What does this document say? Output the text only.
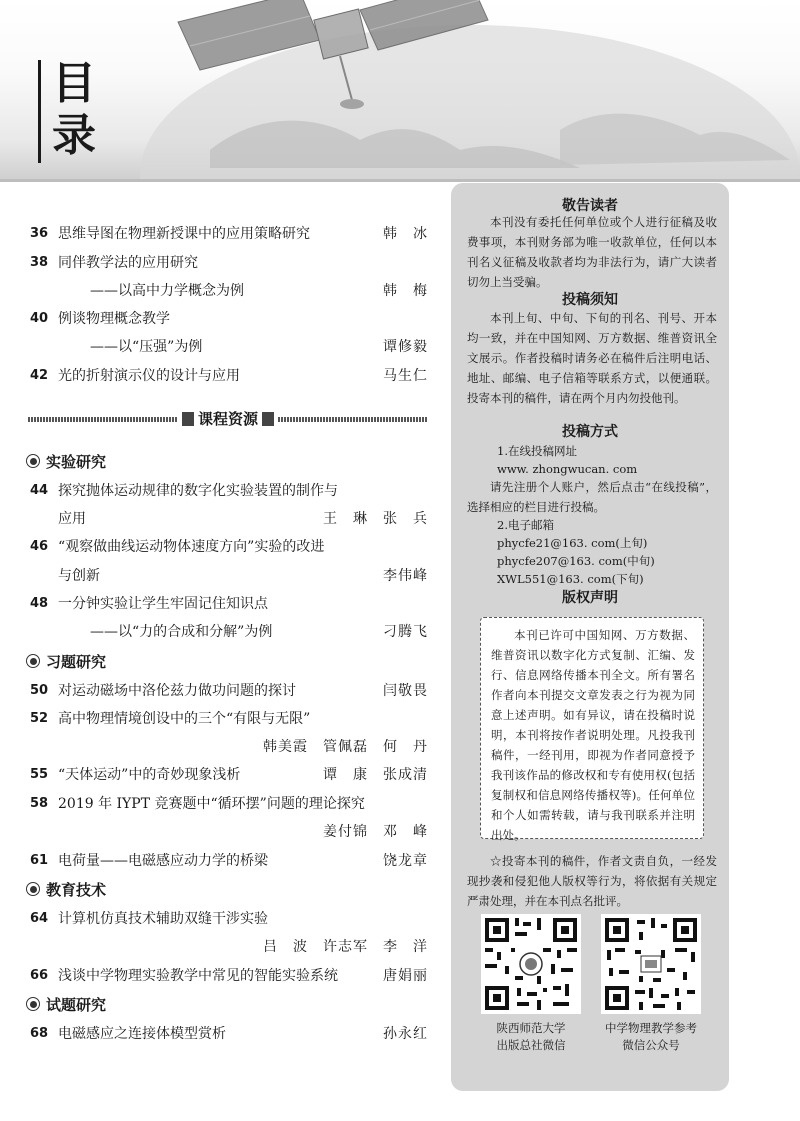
目
录
36 思维导图在物理新授课中的应用策略研究	韩　冰
38 同伴教学法的应用研究
——以高中力学概念为例	韩　梅
40 例谈物理概念教学
——以“压强”为例	谭修毅
42 光的折射演示仪的设计与应用	马生仁
课程资源
实验研究
44 探究抛体运动规律的数字化实验装置的制作与
应用	王　琳　张　兵
46 “观察做曲线运动物体速度方向”实验的改进
与创新	李伟峰
48 一分钟实验让学生牢固记住知识点
——以“力的合成和分解”为例	刁腾飞
习题研究
50 对运动磁场中洛伦兹力做功问题的探讨	闫敬畏
52 高中物理情境创设中的三个“有限与无限”
韩美霞　管佩磊　何　丹
55 “天体运动”中的奇妙现象浅析	谭　康　张成清
58 2019 年 IYPT 竞赛题中“循环摆”问题的理论探究
姜付锦　邓　峰
61 电荷量——电磁感应动力学的桥梁	饶龙章
教育技术
64 计算机仿真技术辅助双缝干涉实验
吕　波　许志军　李　洋
66 浅谈中学物理实验教学中常见的智能实验系统	唐娟丽
试题研究
68 电磁感应之连接体模型赏析	孙永红
敬告读者
本刊没有委托任何单位或个人进行征稿及收费事项，本刊财务部为唯一收款单位，任何以本刊名义征稿及收款者均为非法行为，请广大读者切勿上当受骗。
投稿须知
本刊上旬、中旬、下旬的刊名、刊号、开本均一致，并在中国知网、万方数据、维普资讯全文展示。作者投稿时请务必在稿件后注明电话、地址、邮编、电子信箱等联系方式，以便通联。投寄本刊的稿件，请在两个月内勿投他刊。
投稿方式
1.在线投稿网址
www. zhongwucan. com
请先注册个人账户，然后点击“在线投稿”，选择相应的栏目进行投稿。
2.电子邮箱
phycfe21@163. com(上旬)
phycfe207@163. com(中旬)
XWL551@163. com(下旬)
版权声明
本刊已许可中国知网、万方数据、维普资讯以数字化方式复制、汇编、发行、信息网络传播本刊全文。所有署名作者向本刊提交文章发表之行为视为同意上述声明。如有异议，请在投稿时说明，本刊将按作者说明处理。凡投我刊稿件，一经刊用，即视为作者同意授予我刊该作品的修改权和专有使用权(包括复制权和信息网络传播权等)。任何单位和个人如需转载，请与我刊联系并注明出处。
☆投寄本刊的稿件，作者文责自负，一经发现抄袭和侵犯他人版权等行为，将依据有关规定严肃处理，并在本刊点名批评。
陕西师范大学
出版总社微信
中学物理教学参考
微信公众号
